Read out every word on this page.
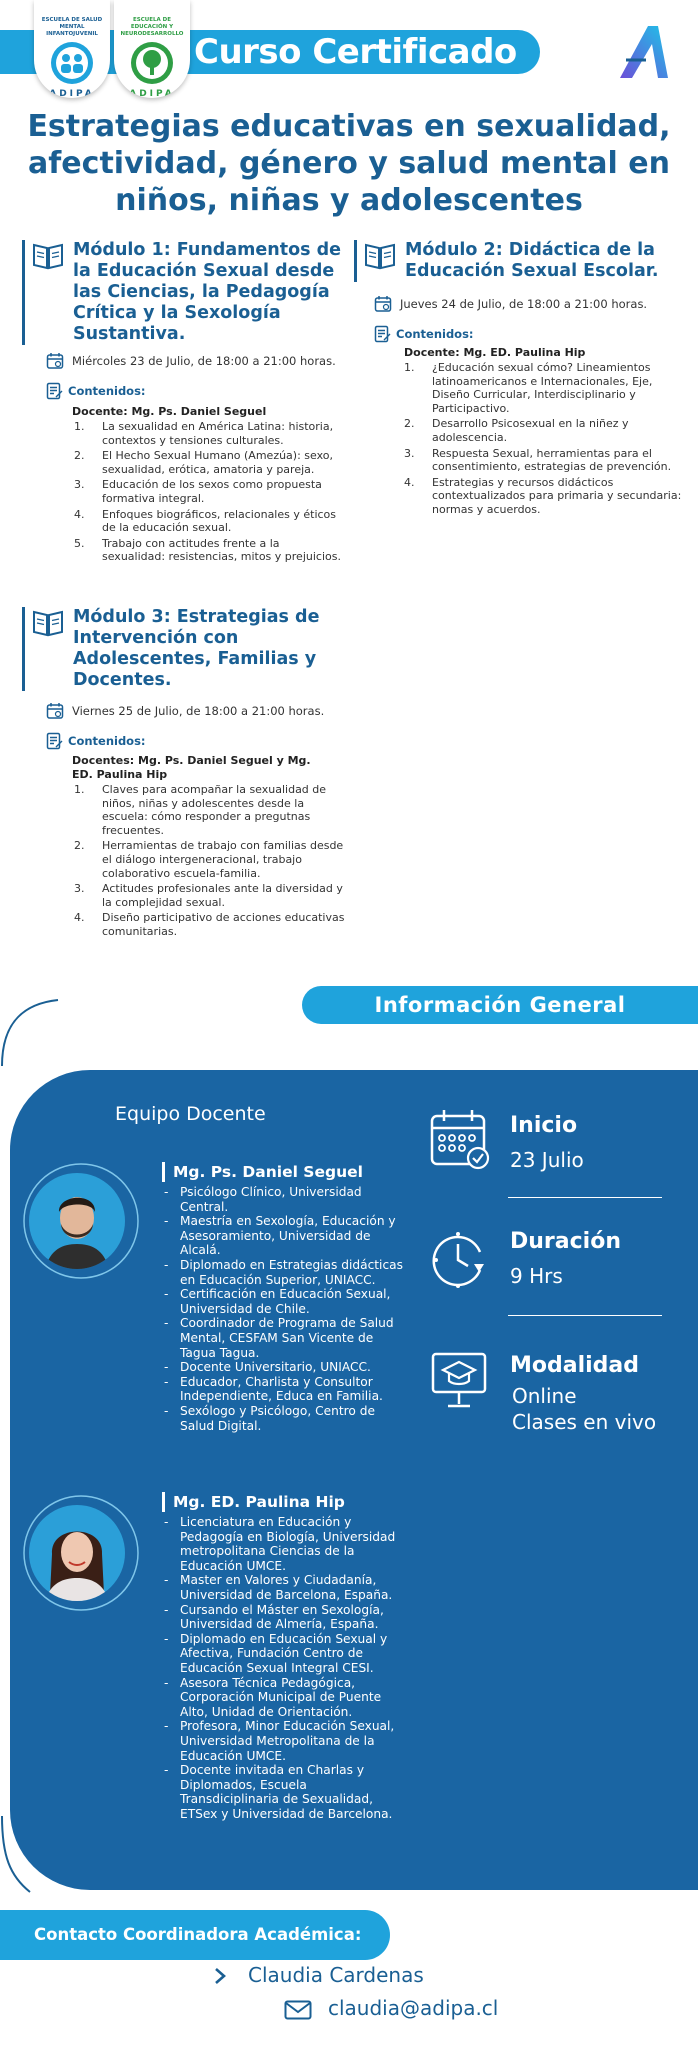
Curso Certificado
ESCUELA DE SALUD MENTAL INFANTOJUVENIL
ADIPA
ESCUELA DE EDUCACIÓN Y NEURODESARROLLO
ADIPA
Estrategias educativas en sexualidad, afectividad, género y salud mental en niños, niñas y adolescentes
Módulo 1: Fundamentos de la Educación Sexual desde las Ciencias, la Pedagogía Crítica y la Sexología Sustantiva.
Miércoles 23 de Julio, de 18:00 a 21:00 horas.
Contenidos:
Docente: Mg. Ps. Daniel Seguel
La sexualidad en América Latina: historia, contextos y tensiones culturales.
El Hecho Sexual Humano (Amezúa): sexo, sexualidad, erótica, amatoria y pareja.
Educación de los sexos como propuesta formativa integral.
Enfoques biográficos, relacionales y éticos de la educación sexual.
Trabajo con actitudes frente a la sexualidad: resistencias, mitos y prejuicios.
Módulo 2: Didáctica de la Educación Sexual Escolar.
Jueves 24 de Julio, de 18:00 a 21:00 horas.
Contenidos:
Docente: Mg. ED. Paulina Hip
¿Educación sexual cómo? Lineamientos latinoamericanos e Internacionales, Eje, Diseño Curricular, Interdisciplinario y Participactivo.
Desarrollo Psicosexual en la niñez y adolescencia.
Respuesta Sexual, herramientas para el consentimiento, estrategias de prevención.
Estrategias y recursos didácticos contextualizados para primaria y secundaria: normas y acuerdos.
Módulo 3: Estrategias de Intervención con Adolescentes, Familias y Docentes.
Viernes 25 de Julio, de 18:00 a 21:00 horas.
Contenidos:
Docentes: Mg. Ps. Daniel Seguel y Mg. ED. Paulina Hip
Claves para acompañar la sexualidad de niños, niñas y adolescentes desde la escuela: cómo responder a pregutnas frecuentes.
Herramientas de trabajo con familias desde el diálogo intergeneracional, trabajo colaborativo escuela-familia.
Actitudes profesionales ante la diversidad y la complejidad sexual.
Diseño participativo de acciones educativas comunitarias.
Información General
Equipo Docente
Mg. Ps. Daniel Seguel
- Psicólogo Clínico, Universidad Central.
- Maestría en Sexología, Educación y Asesoramiento, Universidad de Alcalá.
- Diplomado en Estrategias didácticas en Educación Superior, UNIACC.
- Certificación en Educación Sexual, Universidad de Chile.
- Coordinador de Programa de Salud Mental, CESFAM San Vicente de Tagua Tagua.
- Docente Universitario, UNIACC.
- Educador, Charlista y Consultor Independiente, Educa en Familia.
- Sexólogo y Psicólogo, Centro de Salud Digital.
Mg. ED. Paulina Hip
- Licenciatura en Educación y Pedagogía en Biología, Universidad metropolitana Ciencias de la Educación UMCE.
- Master en Valores y Ciudadanía, Universidad de Barcelona, España.
- Cursando el Máster en Sexología, Universidad de Almería, España.
- Diplomado en Educación Sexual y Afectiva, Fundación Centro de Educación Sexual Integral CESI.
- Asesora Técnica Pedagógica, Corporación Municipal de Puente Alto, Unidad de Orientación.
- Profesora, Minor Educación Sexual, Universidad Metropolitana de la Educación UMCE.
- Docente invitada en Charlas y Diplomados, Escuela Transdiciplinaria de Sexualidad, ETSex y Universidad de Barcelona.
Inicio
23 Julio
Duración
9 Hrs
Modalidad
Online
Clases en vivo
Contacto Coordinadora Académica:
Claudia Cardenas
claudia@adipa.cl
